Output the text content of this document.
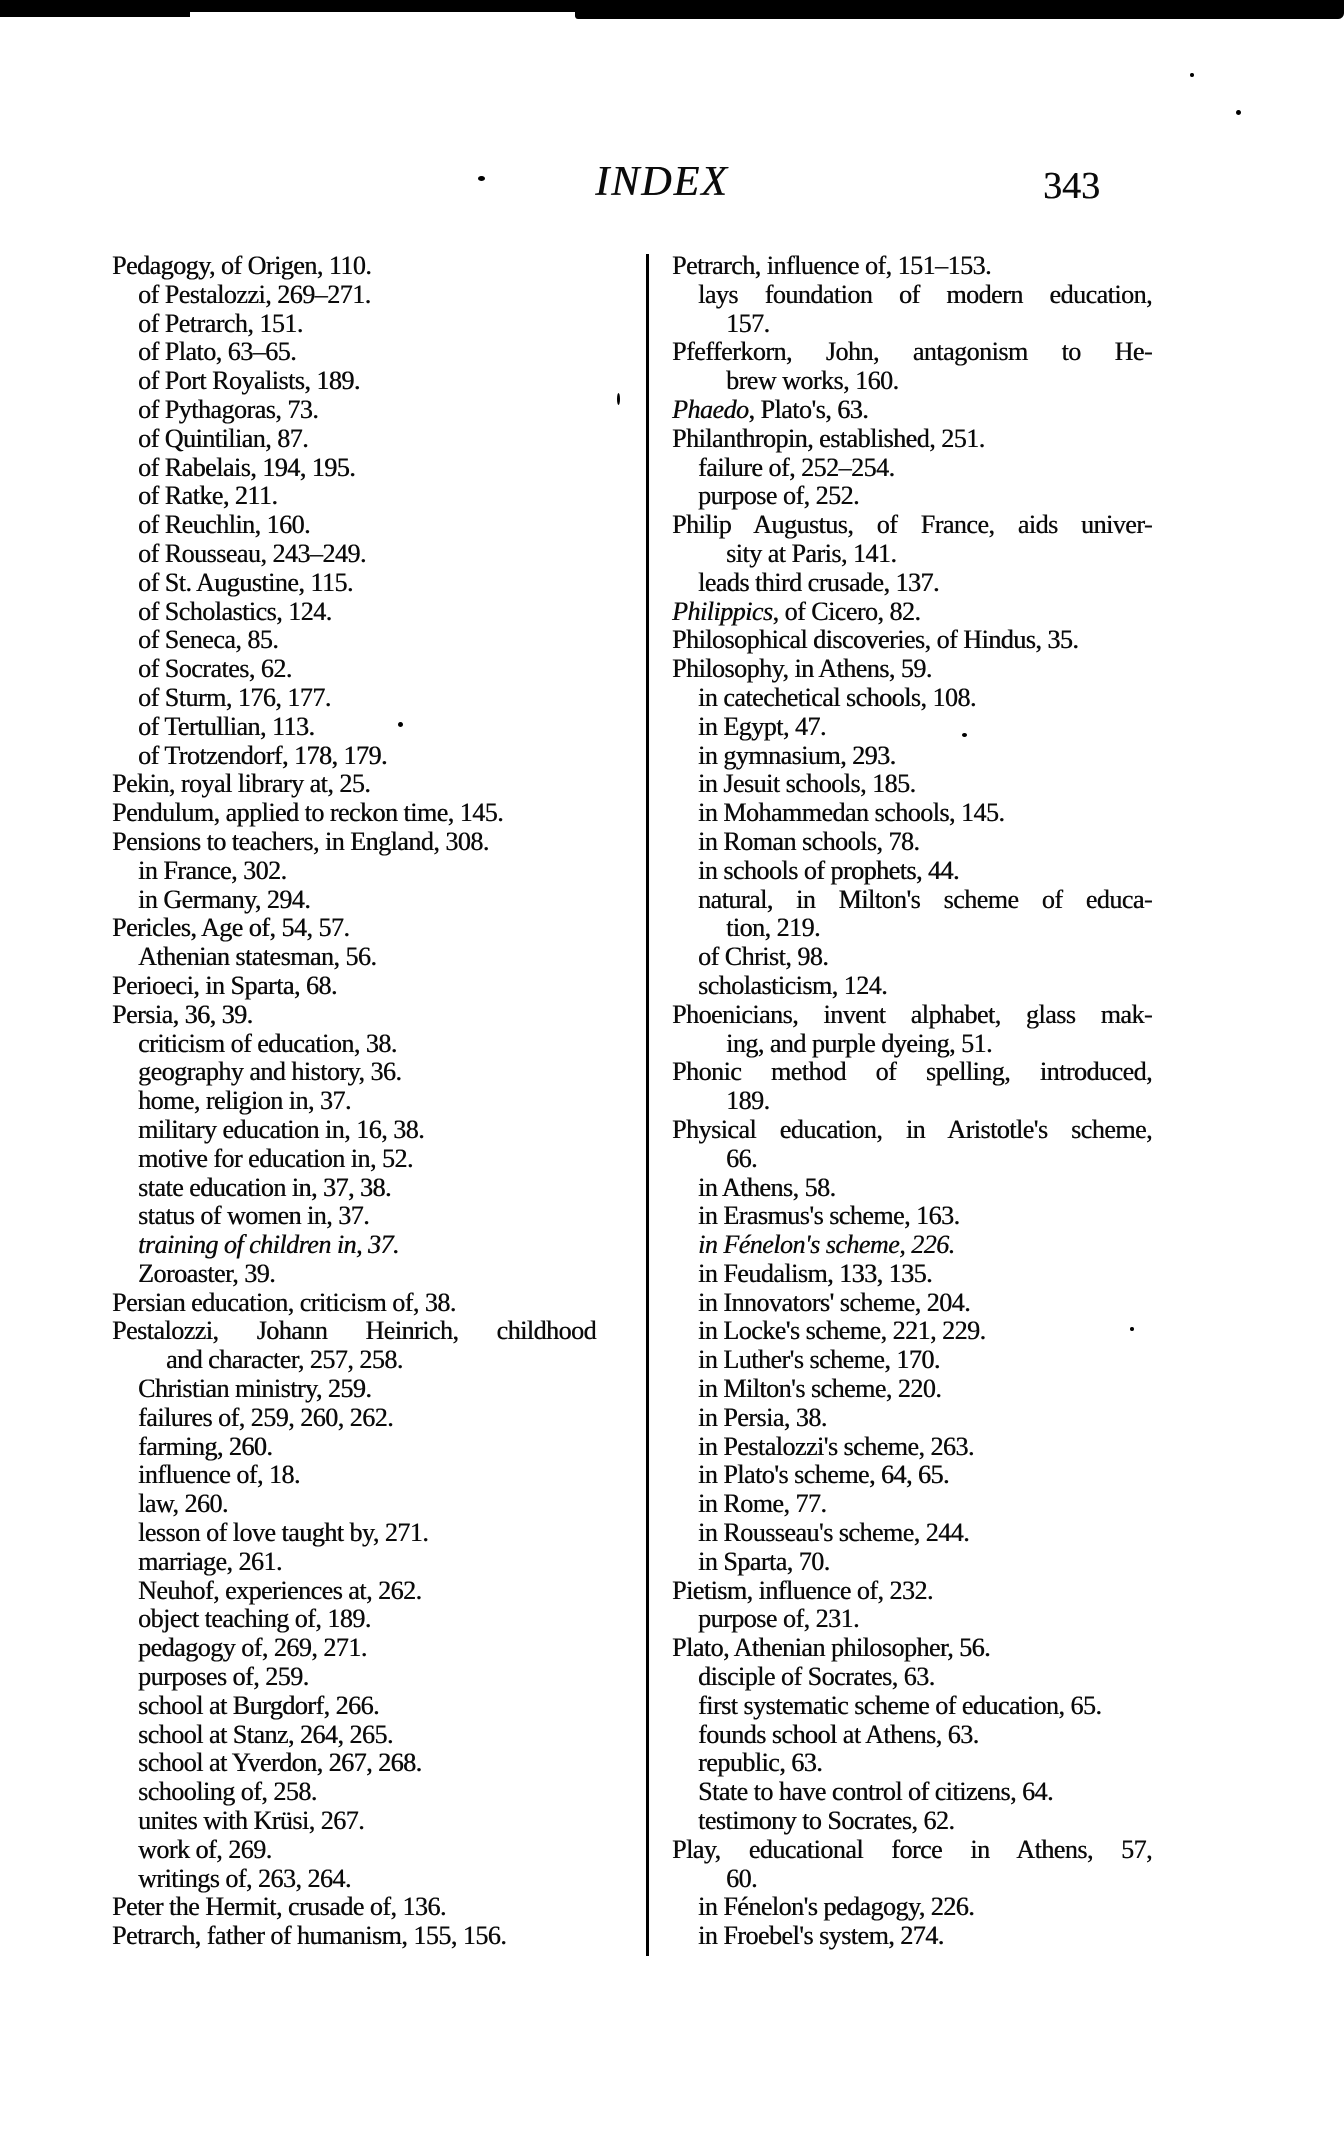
INDEX	343
Pedagogy, of Origen, 110.
of Pestalozzi, 269–271.
of Petrarch, 151.
of Plato, 63–65.
of Port Royalists, 189.
of Pythagoras, 73.
of Quintilian, 87.
of Rabelais, 194, 195.
of Ratke, 211.
of Reuchlin, 160.
of Rousseau, 243–249.
of St. Augustine, 115.
of Scholastics, 124.
of Seneca, 85.
of Socrates, 62.
of Sturm, 176, 177.
of Tertullian, 113.
of Trotzendorf, 178, 179.
Pekin, royal library at, 25.
Pendulum, applied to reckon time, 145.
Pensions to teachers, in England, 308.
in France, 302.
in Germany, 294.
Pericles, Age of, 54, 57.
Athenian statesman, 56.
Perioeci, in Sparta, 68.
Persia, 36, 39.
criticism of education, 38.
geography and history, 36.
home, religion in, 37.
military education in, 16, 38.
motive for education in, 52.
state education in, 37, 38.
status of women in, 37.
training of children in, 37.
Zoroaster, 39.
Persian education, criticism of, 38.
Pestalozzi, Johann Heinrich, childhood
and character, 257, 258.
Christian ministry, 259.
failures of, 259, 260, 262.
farming, 260.
influence of, 18.
law, 260.
lesson of love taught by, 271.
marriage, 261.
Neuhof, experiences at, 262.
object teaching of, 189.
pedagogy of, 269, 271.
purposes of, 259.
school at Burgdorf, 266.
school at Stanz, 264, 265.
school at Yverdon, 267, 268.
schooling of, 258.
unites with Krüsi, 267.
work of, 269.
writings of, 263, 264.
Peter the Hermit, crusade of, 136.
Petrarch, father of humanism, 155, 156.
Petrarch, influence of, 151–153.
lays foundation of modern education,
157.
Pfefferkorn, John, antagonism to He-
brew works, 160.
Phaedo, Plato's, 63.
Philanthropin, established, 251.
failure of, 252–254.
purpose of, 252.
Philip Augustus, of France, aids univer-
sity at Paris, 141.
leads third crusade, 137.
Philippics, of Cicero, 82.
Philosophical discoveries, of Hindus, 35.
Philosophy, in Athens, 59.
in catechetical schools, 108.
in Egypt, 47.
in gymnasium, 293.
in Jesuit schools, 185.
in Mohammedan schools, 145.
in Roman schools, 78.
in schools of prophets, 44.
natural, in Milton's scheme of educa-
tion, 219.
of Christ, 98.
scholasticism, 124.
Phoenicians, invent alphabet, glass mak-
ing, and purple dyeing, 51.
Phonic method of spelling, introduced,
189.
Physical education, in Aristotle's scheme,
66.
in Athens, 58.
in Erasmus's scheme, 163.
in Fénelon's scheme, 226.
in Feudalism, 133, 135.
in Innovators' scheme, 204.
in Locke's scheme, 221, 229.
in Luther's scheme, 170.
in Milton's scheme, 220.
in Persia, 38.
in Pestalozzi's scheme, 263.
in Plato's scheme, 64, 65.
in Rome, 77.
in Rousseau's scheme, 244.
in Sparta, 70.
Pietism, influence of, 232.
purpose of, 231.
Plato, Athenian philosopher, 56.
disciple of Socrates, 63.
first systematic scheme of education, 65.
founds school at Athens, 63.
republic, 63.
State to have control of citizens, 64.
testimony to Socrates, 62.
Play, educational force in Athens, 57,
60.
in Fénelon's pedagogy, 226.
in Froebel's system, 274.
